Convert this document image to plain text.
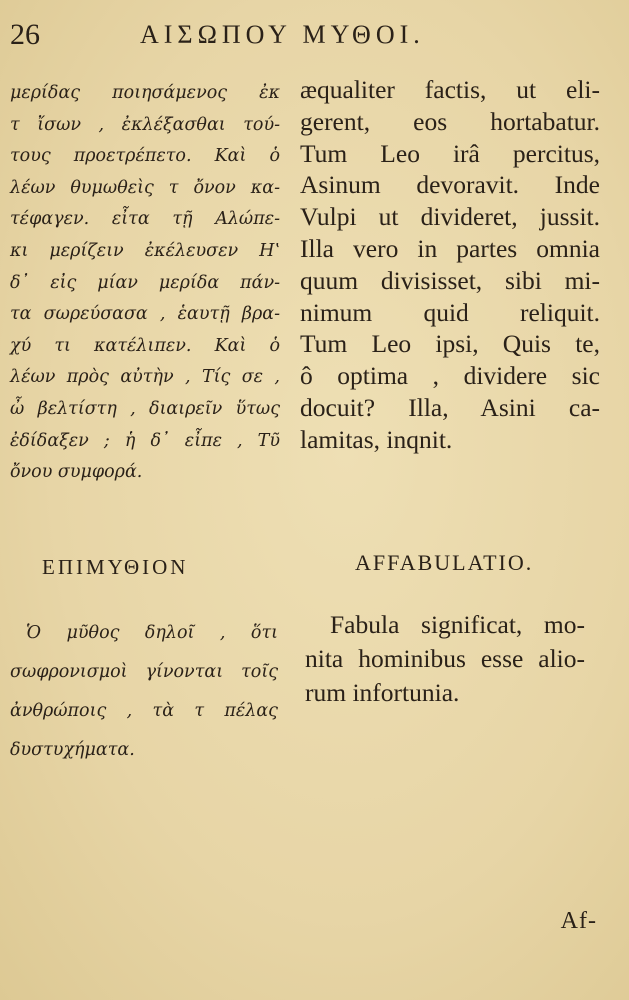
26	ΑΙΣΩΠΟΥ ΜΥΘΟΙ.
μερίδας ποιησάμενος ἐκ
τ ἴσων , ἐκλέξασθαι τού-
τους προετρέπετο. Καὶ ὁ
λέων θυμωθεὶς τ ὄνον κα-
τέφαγεν. εἶτα τῇ Αλώπε-
κι μερίζειν ἐκέλευσεν Ηʽ
δ᾽ εἰς μίαν μερίδα πάν-
τα σωρεύσασα , ἑαυτῇ βρα-
χύ τι κατέλιπεν. Καὶ ὁ
λέων πρὸς αὐτὴν , Τίς σε ,
ὦ βελτίστη , διαιρεῖν ὕτως
ἐδίδαξεν ; ἡ δ᾽ εἶπε , Τῦ
ὄνου συμφορά.
æqualiter factis, ut eli-
gerent, eos hortabatur.
Tum Leo irâ percitus,
Asinum devoravit. Inde
Vulpi ut divideret, jussit.
Illa vero in partes omnia
quum divisisset, sibi mi-
nimum quid reliquit.
Tum Leo ipsi, Quis te,
ô optima , dividere sic
docuit? Illa, Asini ca-
lamitas, inqnit.
ΕΠΙΜΥΘΙΟΝ	AFFABULATIO.
Ὁ μῦθος δηλοῖ , ὅτι
σωφρονισμοὶ γίνονται τοῖς
ἀνθρώποις , τὰ τ πέλας
δυστυχήματα.
Fabula significat, mo-
nita hominibus esse alio-
rum infortunia.
Af-
